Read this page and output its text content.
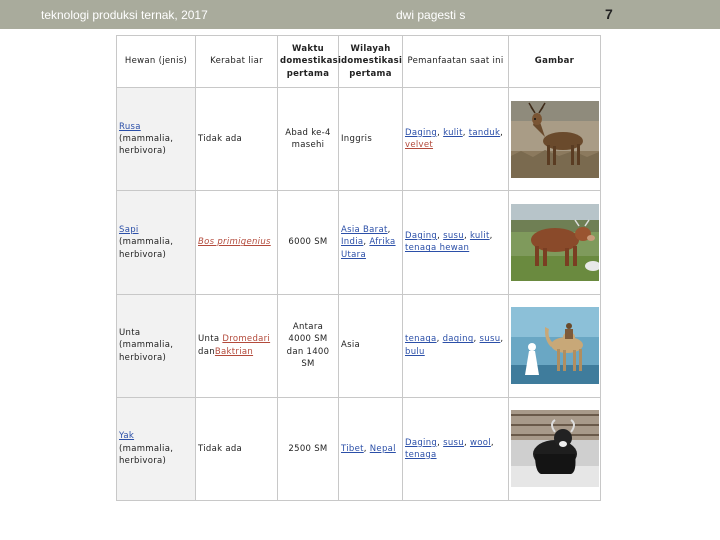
teknologi produksi ternak, 2017	dwi pagesti s	7
Hewan (jenis)	Kerabat liar	Waktu domestikasi pertama	Wilayah domestikasi pertama	Pemanfaatan saat ini	Gambar
Rusa
(mammalia, herbivora)	Tidak ada	Abad ke-4 masehi	Inggris	Daging, kulit, tanduk, velvet	

Sapi
(mammalia, herbivora)	Bos primigenius	6000 SM	Asia Barat, India, Afrika Utara	Daging, susu, kulit, tenaga hewan	

Unta
(mammalia, herbivora)	Unta Dromedari
danBaktrian	Antara 4000 SM dan 1400 SM	Asia	tenaga, daging, susu, bulu	

Yak
(mammalia, herbivora)	Tidak ada	2500 SM	Tibet, Nepal	Daging, susu, wool, tenaga	
